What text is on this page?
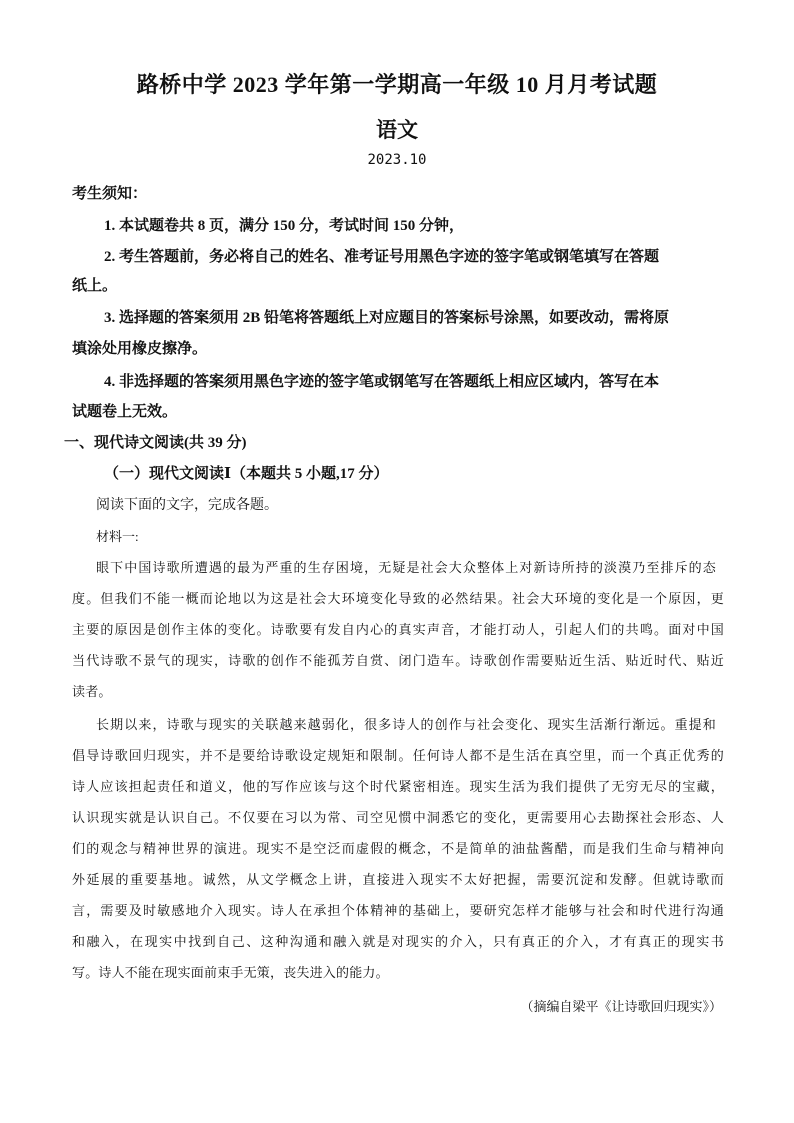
路桥中学 2023 学年第一学期高一年级 10 月月考试题
语文
2023.10
考生须知：
1. 本试题卷共 8 页，满分 150 分，考试时间 150 分钟，
2. 考生答题前，务必将自己的姓名、准考证号用黑色字迹的签字笔或钢笔填写在答题
纸上。
3. 选择题的答案须用 2B 铅笔将答题纸上对应题目的答案标号涂黑，如要改动，需将原
填涂处用橡皮擦净。
4. 非选择题的答案须用黑色字迹的签字笔或钢笔写在答题纸上相应区域内，答写在本
试题卷上无效。
一、现代诗文阅读(共 39 分)
（一）现代文阅读Ⅰ（本题共 5 小题,17 分）
阅读下面的文字，完成各题。
材料一:
眼下中国诗歌所遭遇的最为严重的生存困境，无疑是社会大众整体上对新诗所持的淡漠乃至排斥的态
度。但我们不能一概而论地以为这是社会大环境变化导致的必然结果。社会大环境的变化是一个原因，更
主要的原因是创作主体的变化。诗歌要有发自内心的真实声音，才能打动人，引起人们的共鸣。面对中国
当代诗歌不景气的现实，诗歌的创作不能孤芳自赏、闭门造车。诗歌创作需要贴近生活、贴近时代、贴近
读者。
长期以来，诗歌与现实的关联越来越弱化，很多诗人的创作与社会变化、现实生活渐行渐远。重提和
倡导诗歌回归现实，并不是要给诗歌设定规矩和限制。任何诗人都不是生活在真空里，而一个真正优秀的
诗人应该担起责任和道义，他的写作应该与这个时代紧密相连。现实生活为我们提供了无穷无尽的宝藏，
认识现实就是认识自己。不仅要在习以为常、司空见惯中洞悉它的变化，更需要用心去勘探社会形态、人
们的观念与精神世界的演进。现实不是空泛而虚假的概念，不是简单的油盐酱醋，而是我们生命与精神向
外延展的重要基地。诚然，从文学概念上讲，直接进入现实不太好把握，需要沉淀和发酵。但就诗歌而
言，需要及时敏感地介入现实。诗人在承担个体精神的基础上，要研究怎样才能够与社会和时代进行沟通
和融入，在现实中找到自己、这种沟通和融入就是对现实的介入，只有真正的介入，才有真正的现实书
写。诗人不能在现实面前束手无策，丧失进入的能力。
（摘编自梁平《让诗歌回归现实》）
